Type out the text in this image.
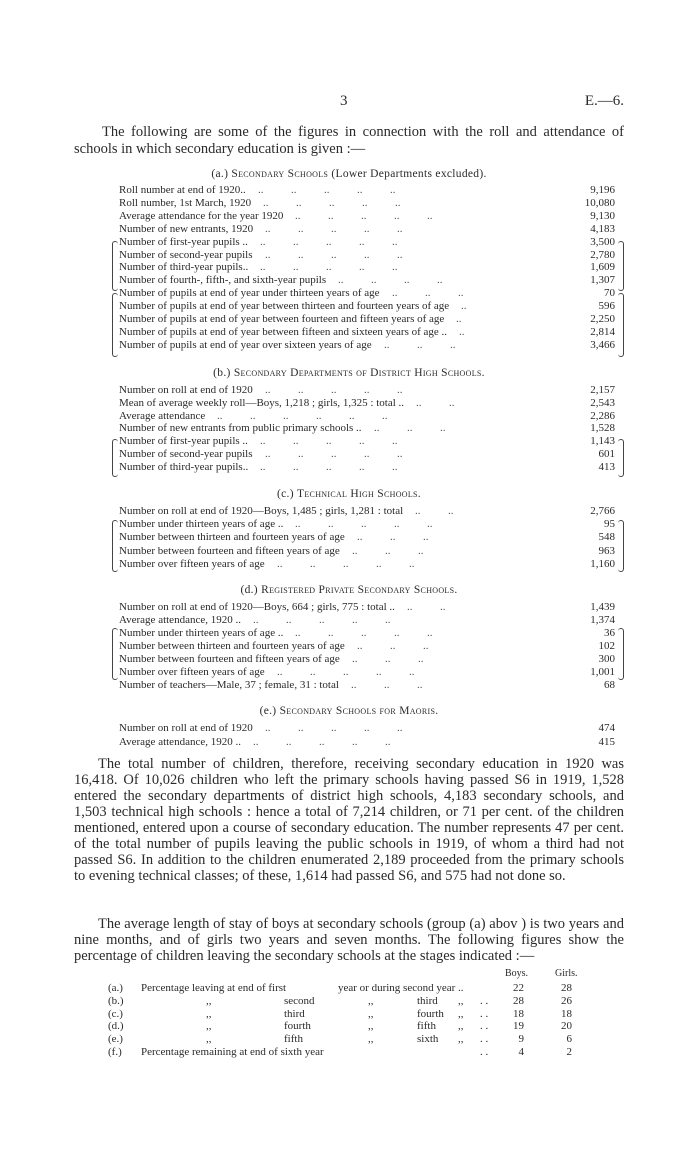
3	E.—6.
The following are some of the figures in connection with the roll and attendance of schools in which secondary education is given :—
(a.) Secondary Schools (Lower Departments excluded).
Roll number at end of 1920.. ..   ..   ..   ..   ..	9,196
Roll number, 1st March, 1920 ..   ..   ..   ..   ..	10,080
Average attendance for the year 1920 ..   ..   ..   ..   ..	9,130
Number of new entrants, 1920 ..   ..   ..   ..   ..	4,183
Number of first-year pupils .. ..   ..   ..   ..   ..	3,500
Number of second-year pupils ..   ..   ..   ..   ..	2,780
Number of third-year pupils.. ..   ..   ..   ..   ..	1,609
Number of fourth-, fifth-, and sixth-year pupils ..   ..   ..   ..	1,307
Number of pupils at end of year under thirteen years of age ..   ..   ..	70
Number of pupils at end of year between thirteen and fourteen years of age ..	596
Number of pupils at end of year between fourteen and fifteen years of age ..	2,250
Number of pupils at end of year between fifteen and sixteen years of age .. ..	2,814
Number of pupils at end of year over sixteen years of age ..   ..   ..	3,466
(b.) Secondary Departments of District High Schools.
Number on roll at end of 1920 ..   ..   ..   ..   ..	2,157
Mean of average weekly roll—Boys, 1,218 ; girls, 1,325 : total .. ..   ..	2,543
Average attendance ..   ..   ..   ..   ..   ..	2,286
Number of new entrants from public primary schools .. ..   ..   ..	1,528
Number of first-year pupils .. ..   ..   ..   ..   ..	1,143
Number of second-year pupils ..   ..   ..   ..   ..	601
Number of third-year pupils.. ..   ..   ..   ..   ..	413
(c.) Technical High Schools.
Number on roll at end of 1920—Boys, 1,485 ; girls, 1,281 : total ..   ..	2,766
Number under thirteen years of age .. ..   ..   ..   ..   ..	95
Number between thirteen and fourteen years of age ..   ..   ..	548
Number between fourteen and fifteen years of age ..   ..   ..	963
Number over fifteen years of age ..   ..   ..   ..   ..	1,160
(d.) Registered Private Secondary Schools.
Number on roll at end of 1920—Boys, 664 ; girls, 775 : total .. ..   ..	1,439
Average attendance, 1920 .. ..   ..   ..   ..   ..	1,374
Number under thirteen years of age .. ..   ..   ..   ..   ..	36
Number between thirteen and fourteen years of age ..   ..   ..	102
Number between fourteen and fifteen years of age ..   ..   ..	300
Number over fifteen years of age ..   ..   ..   ..   ..	1,001
Number of teachers—Male, 37 ; female, 31 : total ..   ..   ..	68
(e.) Secondary Schools for Maoris.
Number on roll at end of 1920 ..   ..   ..   ..   ..	474
Average attendance, 1920 .. ..   ..   ..   ..   ..	415
The total number of children, therefore, receiving secondary education in 1920 was 16,418. Of 10,026 children who left the primary schools having passed S6 in 1919, 1,528 entered the secondary departments of district high schools, 4,183 secondary schools, and 1,503 technical high schools : hence a total of 7,214 children, or 71 per cent. of the children mentioned, entered upon a course of secondary education. The number represents 47 per cent. of the total number of pupils leaving the public schools in 1919, of whom a third had not passed S6. In addition to the children enumerated 2,189 proceeded from the primary schools to evening technical classes; of these, 1,614 had passed S6, and 575 had not done so.
The average length of stay of boys at secondary schools (group (a) abov ) is two years and nine months, and of girls two years and seven months. The following figures show the percentage of children leaving the secondary schools at the stages indicated :—
Boys.	Girls.
(a.) Percentage leaving at end of first	year or during second year ..	22	28
(b.)	,,	second	,,	third ,, . .	28	26
(c.)	,,	third	,,	fourth ,, . .	18	18
(d.)	,,	fourth	,,	fifth ,, . .	19	20
(e.)	,,	fifth	,,	sixth ,, . .	9	6
(f.) Percentage remaining at end of sixth year	. .	4	2
